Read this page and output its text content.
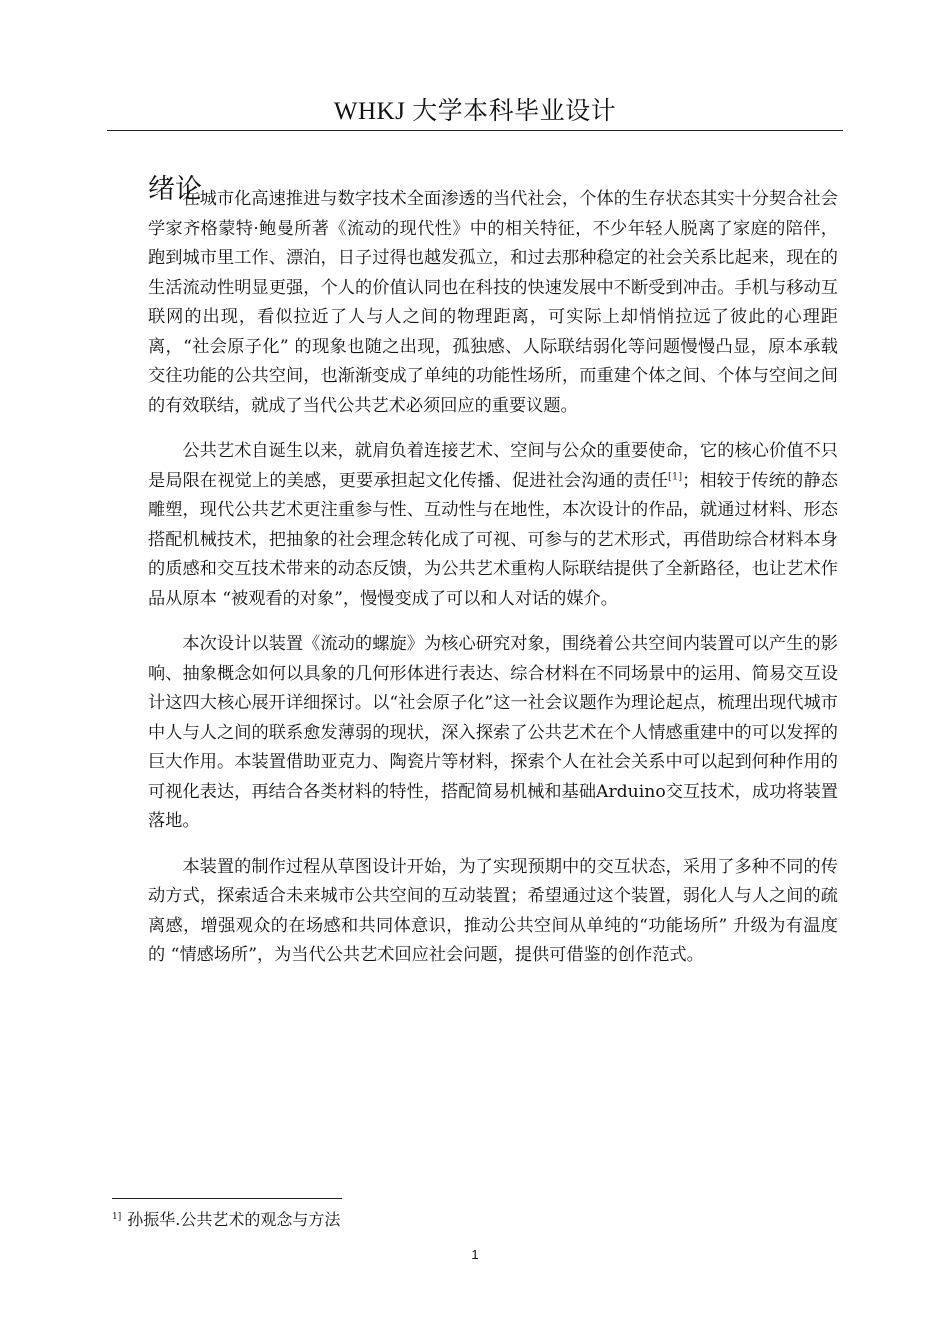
WHKJ 大学本科毕业设计
绪论

在城市化高速推进与数字技术全面渗透的当代社会，个体的生存状态其实十分契合社会学家齐格蒙特·鲍曼所著《流动的现代性》中的相关特征，不少年轻人脱离了家庭的陪伴，跑到城市里工作、漂泊，日子过得也越发孤立，和过去那种稳定的社会关系比起来，现在的生活流动性明显更强，个人的价值认同也在科技的快速发展中不断受到冲击。手机与移动互联网的出现，看似拉近了人与人之间的物理距离，可实际上却悄悄拉远了彼此的心理距离，“社会原子化” 的现象也随之出现，孤独感、人际联结弱化等问题慢慢凸显，原本承载交往功能的公共空间，也渐渐变成了单纯的功能性场所，而重建个体之间、个体与空间之间的有效联结，就成了当代公共艺术必须回应的重要议题。

公共艺术自诞生以来，就肩负着连接艺术、空间与公众的重要使命，它的核心价值不只是局限在视觉上的美感，更要承担起文化传播、促进社会沟通的责任[1]；相较于传统的静态雕塑，现代公共艺术更注重参与性、互动性与在地性，本次设计的作品，就通过材料、形态搭配机械技术，把抽象的社会理念转化成了可视、可参与的艺术形式，再借助综合材料本身的质感和交互技术带来的动态反馈，为公共艺术重构人际联结提供了全新路径，也让艺术作品从原本 “被观看的对象”，慢慢变成了可以和人对话的媒介。

本次设计以装置《流动的螺旋》为核心研究对象，围绕着公共空间内装置可以产生的影响、抽象概念如何以具象的几何形体进行表达、综合材料在不同场景中的运用、简易交互设计这四大核心展开详细探讨。以“社会原子化”这一社会议题作为理论起点，梳理出现代城市中人与人之间的联系愈发薄弱的现状，深入探索了公共艺术在个人情感重建中的可以发挥的巨大作用。本装置借助亚克力、陶瓷片等材料，探索个人在社会关系中可以起到何种作用的可视化表达，再结合各类材料的特性，搭配简易机械和基础Arduino交互技术，成功将装置落地。

本装置的制作过程从草图设计开始，为了实现预期中的交互状态，采用了多种不同的传动方式，探索适合未来城市公共空间的互动装置；希望通过这个装置，弱化人与人之间的疏离感，增强观众的在场感和共同体意识，推动公共空间从单纯的“功能场所” 升级为有温度的 “情感场所”，为当代公共艺术回应社会问题，提供可借鉴的创作范式。

$^{1]}$ 孙振华.公共艺术的观念与方法
1
